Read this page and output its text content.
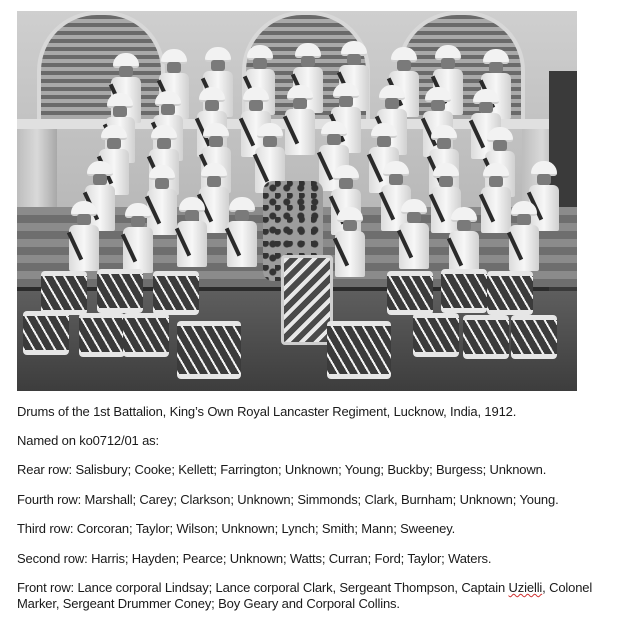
Drums of the 1st Battalion, King’s Own Royal Lancaster Regiment, Lucknow, India, 1912.

Named on ko0712/01 as:

Rear row: Salisbury; Cooke; Kellett; Farrington; Unknown; Young; Buckby; Burgess; Unknown.

Fourth row: Marshall; Carey; Clarkson; Unknown; Simmonds; Clark, Burnham; Unknown; Young.

Third row: Corcoran; Taylor; Wilson; Unknown; Lynch; Smith; Mann; Sweeney.

Second row: Harris; Hayden; Pearce; Unknown; Watts; Curran; Ford; Taylor; Waters.

Front row: Lance corporal Lindsay; Lance corporal Clark, Sergeant Thompson, Captain Uzielli, Colonel Marker, Sergeant Drummer Coney; Boy Geary and Corporal Collins.
